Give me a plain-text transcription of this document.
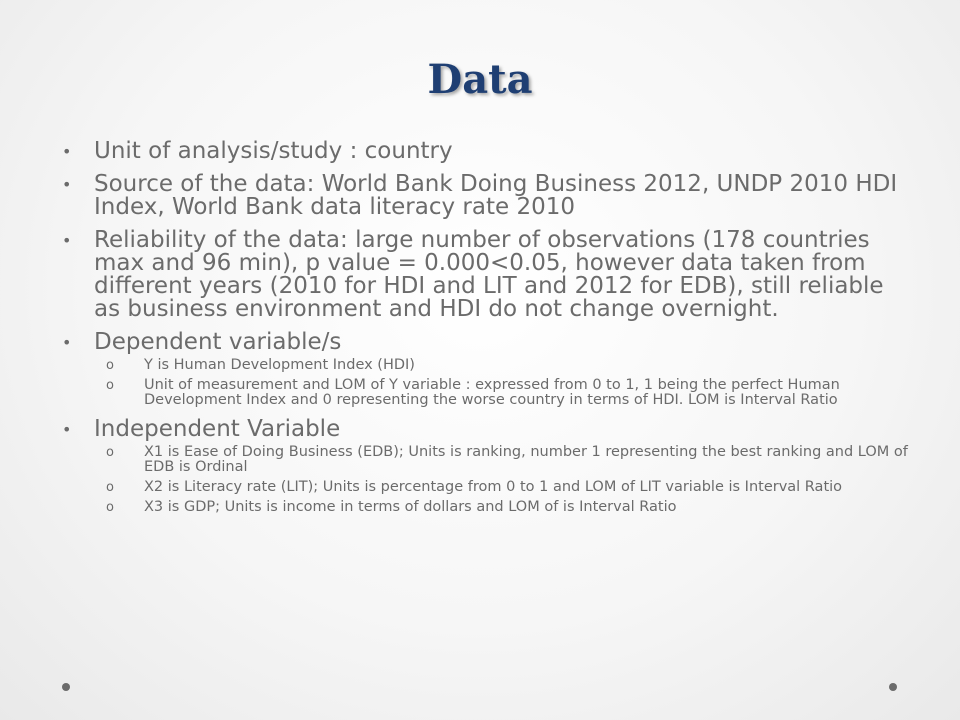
Data
• Unit of analysis/study : country
• Source of the data: World Bank Doing Business 2012, UNDP 2010 HDI Index, World Bank data literacy rate 2010
• Reliability of the data: large number of observations (178 countries max and 96 min), p value = 0.000<0.05, however data taken from different years (2010 for HDI and LIT and 2012 for EDB), still reliable as business environment and HDI do not change overnight.
• Dependent variable/s
o Y is Human Development Index (HDI)
o Unit of measurement and LOM of Y variable : expressed from 0 to 1, 1 being the perfect Human Development Index and 0 representing the worse country in terms of HDI. LOM is Interval Ratio
• Independent Variable
o X1 is Ease of Doing Business (EDB); Units is ranking, number 1 representing the best ranking and LOM of EDB is Ordinal
o X2 is Literacy rate (LIT); Units is percentage from 0 to 1 and LOM of LIT variable is Interval Ratio
o X3 is GDP; Units is income in terms of dollars and LOM of is Interval Ratio
